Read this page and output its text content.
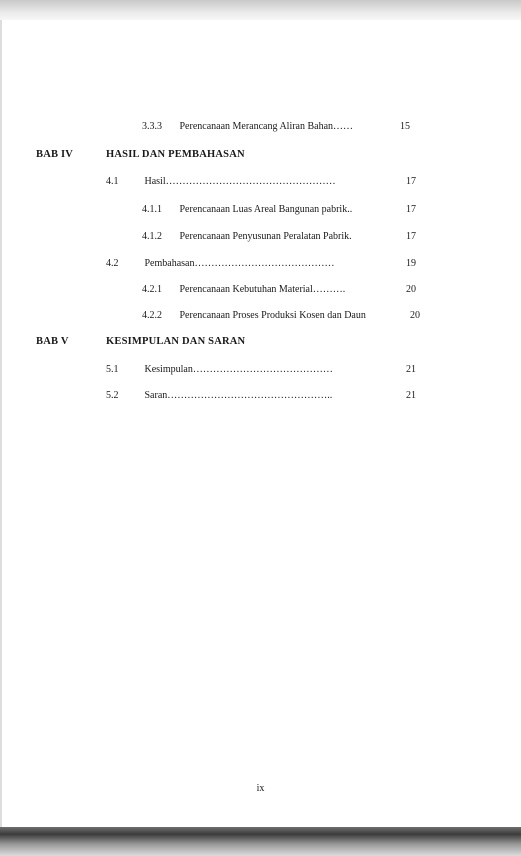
3.3.3 Perencanaan Merancang Aliran Bahan……	15
BAB IV	HASIL DAN PEMBAHASAN
4.1	Hasil……………………………………………	17
4.1.1 Perencanaan Luas Areal Bangunan pabrik..	17
4.1.2 Perencanaan Penyusunan Peralatan Pabrik.	17
4.2	Pembahasan……………………………………	19
4.2.1 Perencanaan Kebutuhan Material……….	20
4.2.2 Perencanaan Proses Produksi Kosen dan Daun	20
BAB V	KESIMPULAN DAN SARAN
5.1	Kesimpulan……………………………………	21
5.2	Saran…………………………………………..	21
ix
